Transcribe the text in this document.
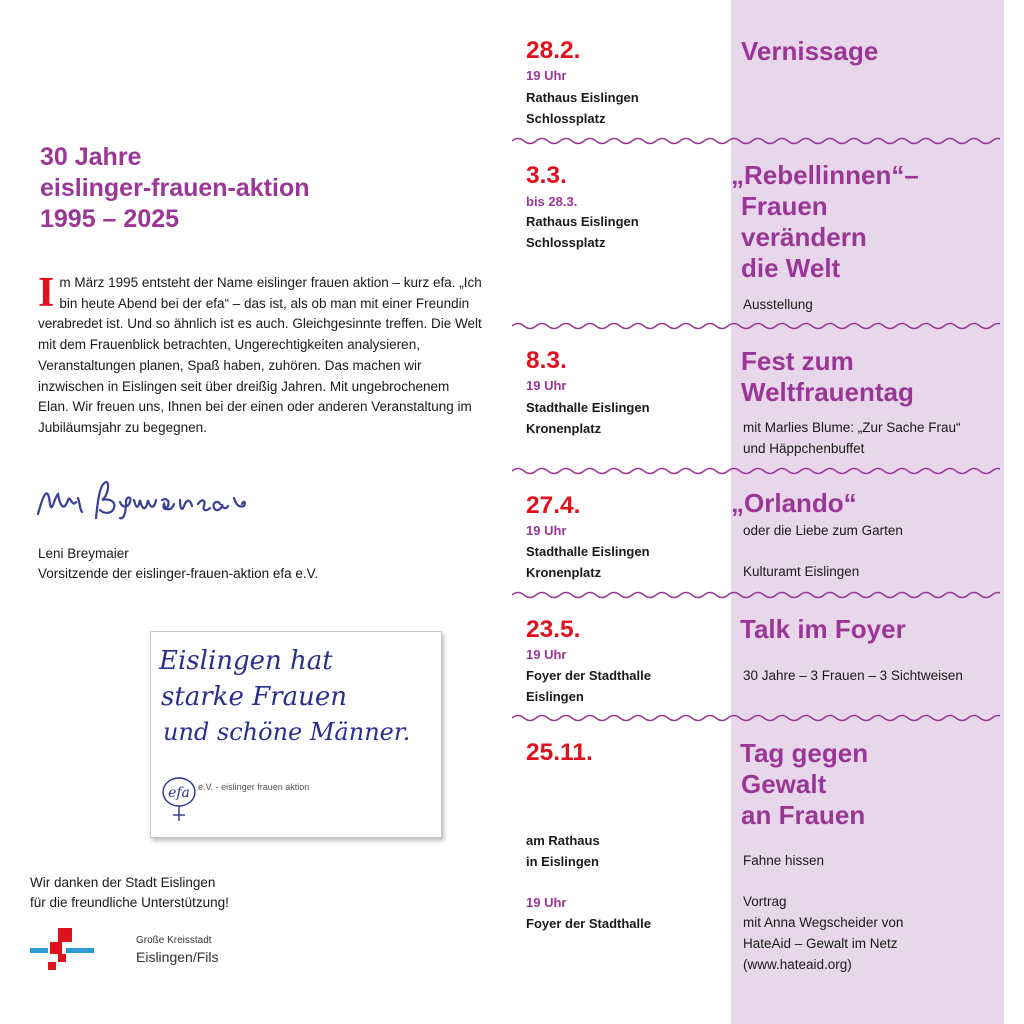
30 Jahre
eislinger-frauen-aktion
1995 – 2025
Im März 1995 entsteht der Name eislinger frauen aktion – kurz efa. „Ich bin heute Abend bei der efa“ – das ist, als ob man mit einer Freundin verabredet ist. Und so ähnlich ist es auch. Gleichgesinnte treffen. Die Welt mit dem Frauenblick betrachten, Ungerechtigkeiten analysieren, Veranstaltungen planen, Spaß haben, zuhören. Das machen wir inzwischen in Eislingen seit über dreißig Jahren. Mit ungebrochenem Elan. Wir freuen uns, Ihnen bei der einen oder anderen Veranstaltung im Jubiläumsjahr zu begegnen.
Leni Breymaier
Vorsitzende der eislinger-frauen-aktion efa e.V.
Eislingen hat
starke Frauen
und schöne Männer.
efa e.V. - eislinger frauen aktion
Wir danken der Stadt Eislingen
für die freundliche Unterstützung!
Große Kreisstadt
Eislingen/Fils
28.2.
19 Uhr
Rathaus Eislingen
Schlossplatz
Vernissage
3.3.
bis 28.3.
Rathaus Eislingen
Schlossplatz
„Rebellinnen“–
Frauen
verändern
die Welt
Ausstellung
8.3.
19 Uhr
Stadthalle Eislingen
Kronenplatz
Fest zum
Weltfrauentag
mit Marlies Blume: „Zur Sache Frau“
und Häppchenbuffet
27.4.
19 Uhr
Stadthalle Eislingen
Kronenplatz
„Orlando“
oder die Liebe zum Garten
Kulturamt Eislingen
23.5.
19 Uhr
Foyer der Stadthalle
Eislingen
Talk im Foyer
30 Jahre – 3 Frauen – 3 Sichtweisen
25.11.
am Rathaus
in Eislingen
19 Uhr
Foyer der Stadthalle
Tag gegen
Gewalt
an Frauen
Fahne hissen
Vortrag
mit Anna Wegscheider von
HateAid – Gewalt im Netz
(www.hateaid.org)
